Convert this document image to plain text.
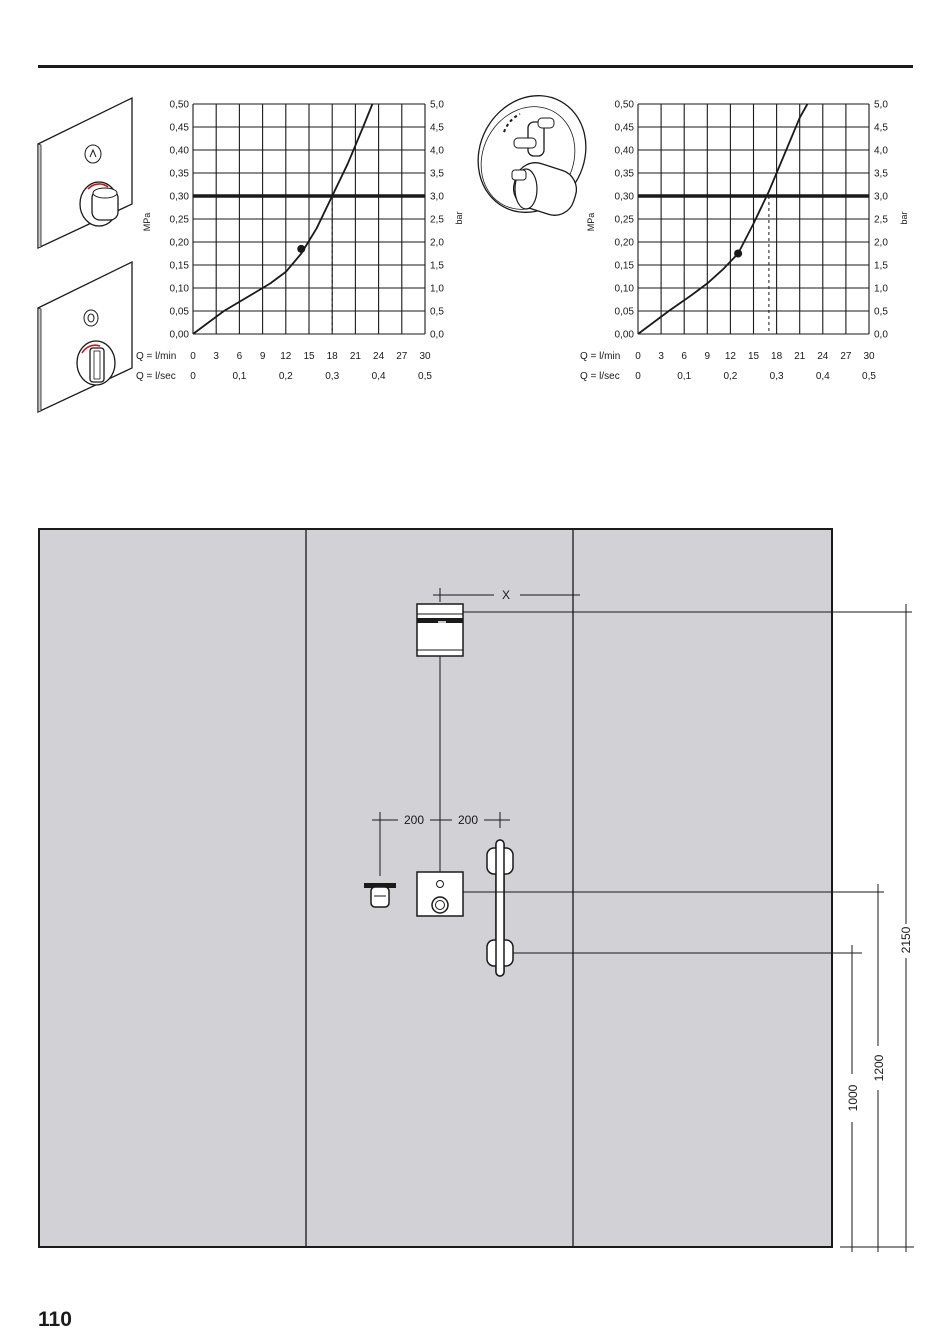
MPa	bar
Q = l/min
Q = l/sec
0,50
0,45
0,40
0,35
0,30
0,25
0,20
0,15
0,10
0,05
0,00
5,0
4,5
4,0
3,5
3,0
2,5
2,0
1,5
1,0
0,5
0,0
0 3 6 9 12 15 18 21 24 27 30
0	0,1	0,2	0,3	0,4	0,5
MPa	bar
Q = l/min
Q = l/sec
0,50
0,45
0,40
0,35
0,30
0,25
0,20
0,15
0,10
0,05
0,00
5,0
4,5
4,0
3,5
3,0
2,5
2,0
1,5
1,0
0,5
0,0
0 3 6 9 12 15 18 21 24 27 30
0	0,1	0,2	0,3	0,4	0,5
X
200	200
2150
1200
1000
110
